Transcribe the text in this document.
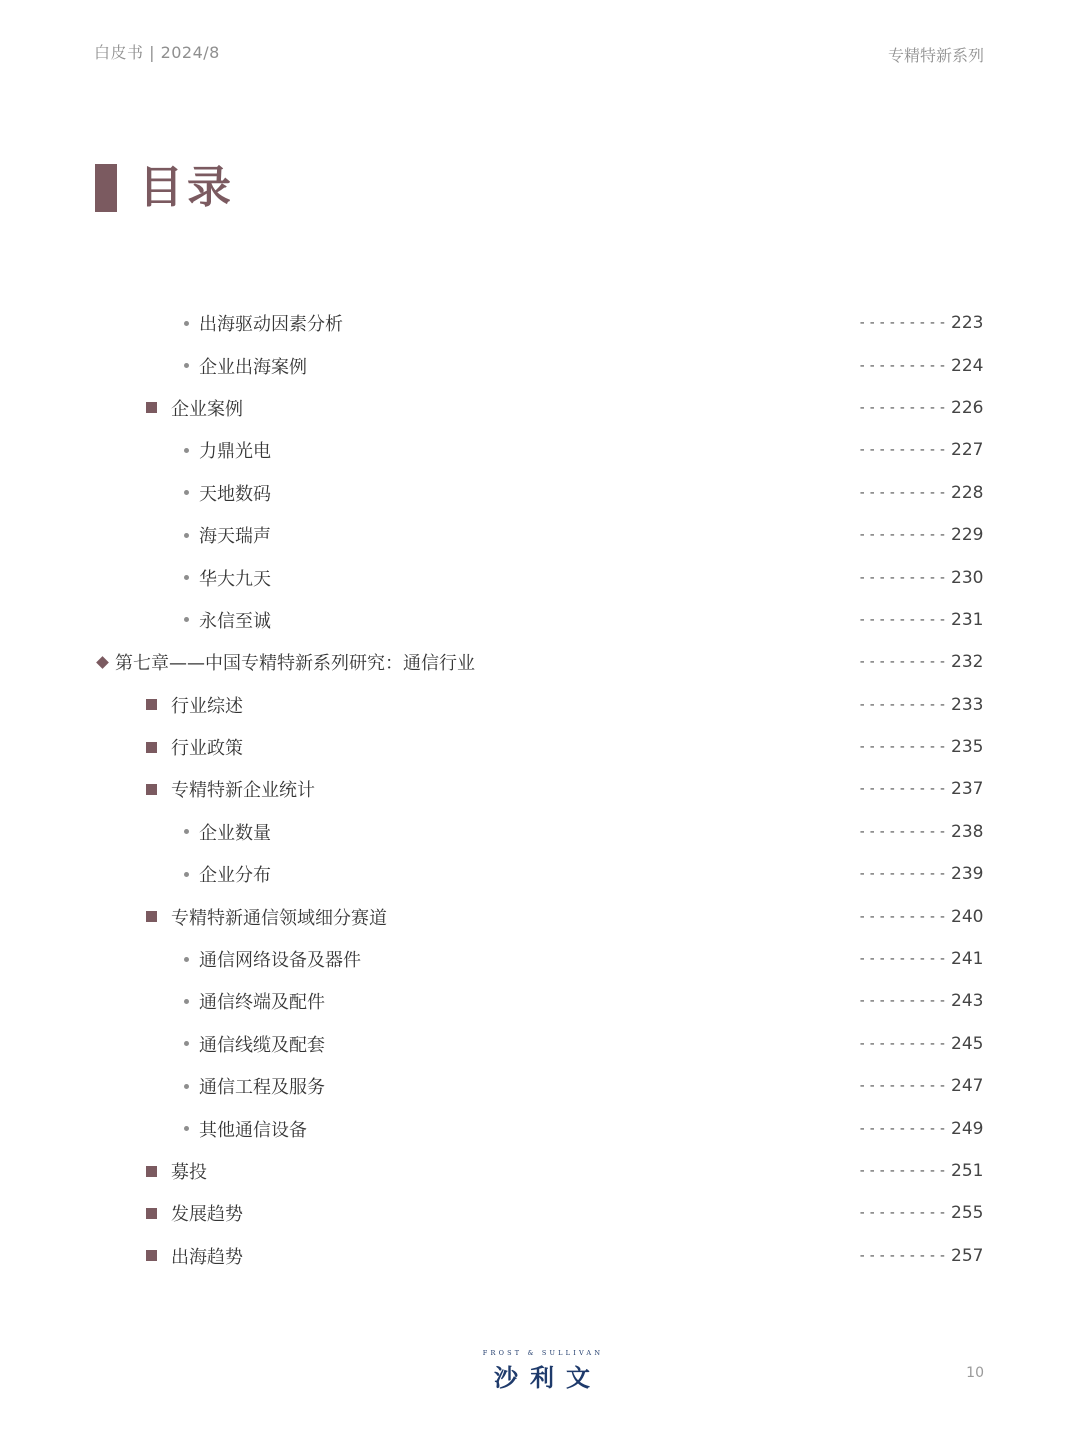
白皮书 | 2024/8	专精特新系列
目录
出海驱动因素分析	--------- 223
企业出海案例	--------- 224
企业案例	--------- 226
力鼎光电	--------- 227
天地数码	--------- 228
海天瑞声	--------- 229
华大九天	--------- 230
永信至诚	--------- 231
第七章——中国专精特新系列研究：通信行业	--------- 232
行业综述	--------- 233
行业政策	--------- 235
专精特新企业统计	--------- 237
企业数量	--------- 238
企业分布	--------- 239
专精特新通信领域细分赛道	--------- 240
通信网络设备及器件	--------- 241
通信终端及配件	--------- 243
通信线缆及配套	--------- 245
通信工程及服务	--------- 247
其他通信设备	--------- 249
募投	--------- 251
发展趋势	--------- 255
出海趋势	--------- 257
FROST & SULLIVAN
沙利文	10
